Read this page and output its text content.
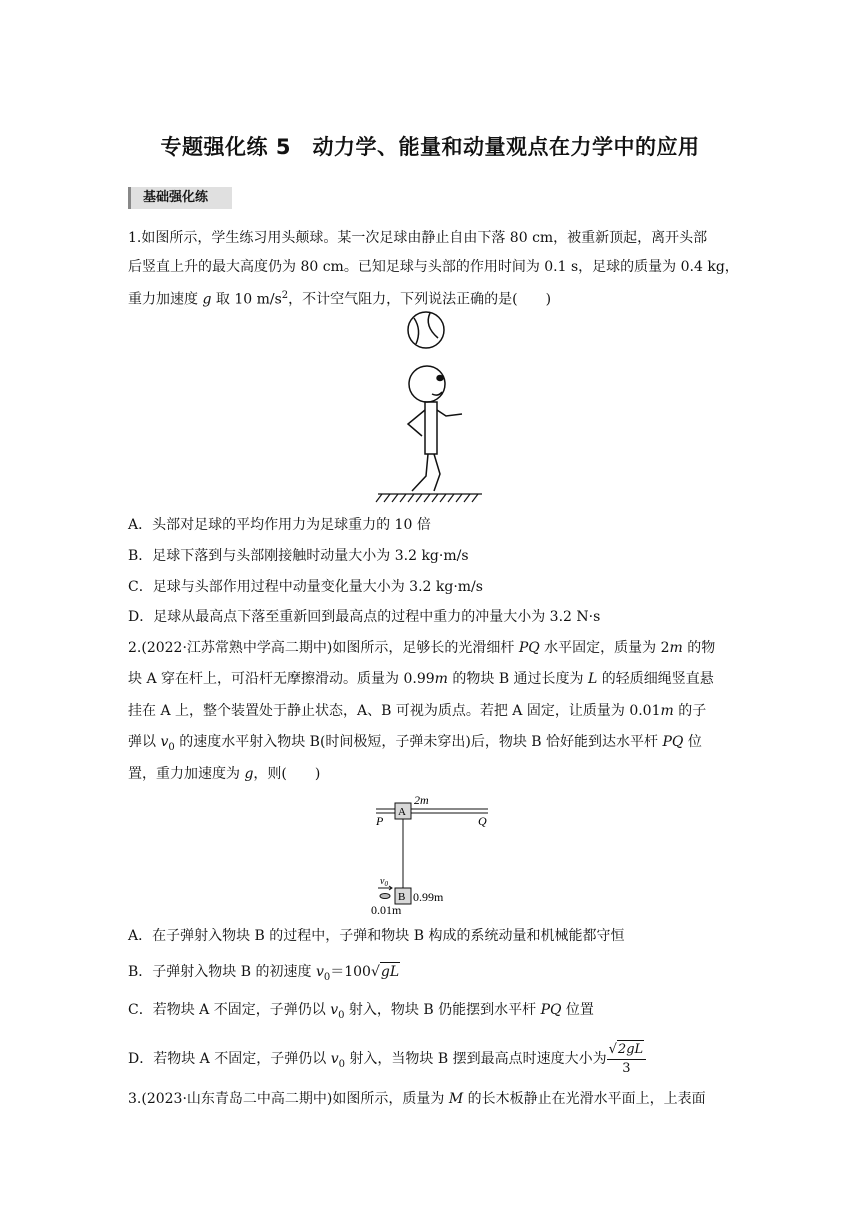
专题强化练 5　动力学、能量和动量观点在力学中的应用
基础强化练
1.如图所示，学生练习用头颠球。某一次足球由静止自由下落 80 cm，被重新顶起，离开头部
后竖直上升的最大高度仍为 80 cm。已知足球与头部的作用时间为 0.1 s，足球的质量为 0.4 kg，
重力加速度 g 取 10 $m/s^2$，不计空气阻力，下列说法正确的是(　　)
A．头部对足球的平均作用力为足球重力的 10 倍
B．足球下落到与头部刚接触时动量大小为 3.2 kg·m/s
C．足球与头部作用过程中动量变化量大小为 3.2 kg·m/s
D．足球从最高点下落至重新回到最高点的过程中重力的冲量大小为 3.2 N·s
2.(2022·江苏常熟中学高二期中)如图所示，足够长的光滑细杆 PQ 水平固定，质量为 2m 的物
块 A 穿在杆上，可沿杆无摩擦滑动。质量为 0.99m 的物块 B 通过长度为 L 的轻质细绳竖直悬
挂在 A 上，整个装置处于静止状态，A、B 可视为质点。若把 A 固定，让质量为 0.01m 的子
弹以 $v_0$ 的速度水平射入物块 B(时间极短，子弹未穿出)后，物块 B 恰好能到达水平杆 PQ 位
置，重力加速度为 g，则(　　)
2m
P	Q
A
B
$v_0$
0.99m
0.01m
A．在子弹射入物块 B 的过程中，子弹和物块 B 构成的系统动量和机械能都守恒
B．子弹射入物块 B 的初速度 $v_0=100√gL$
C．若物块 A 不固定，子弹仍以 $v_0$ 射入，物块 B 仍能摆到水平杆 PQ 位置
D．若物块 A 不固定，子弹仍以 $v_0$ 射入，当物块 B 摆到最高点时速度大小为 $\frac{√2gL}{3}$
3.(2023·山东青岛二中高二期中)如图所示，质量为 M 的长木板静止在光滑水平面上，上表面
